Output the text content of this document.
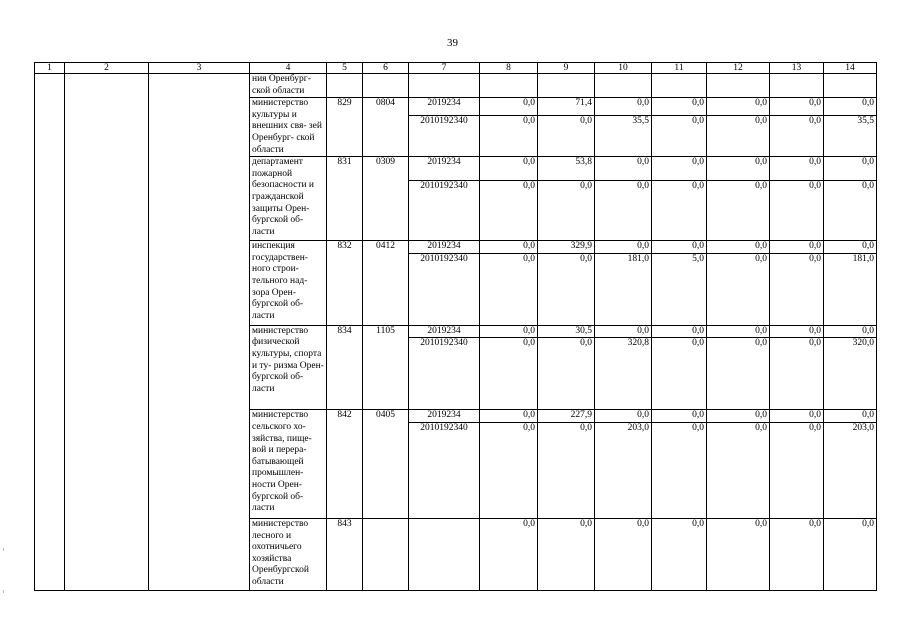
39
1	2	3	4	5	6	7	8	9	10	11	12	13	14
			ния Оренбург- ской области										
			министерство культуры и внешних свя- зей Оренбург- ской области	829	0804	2019234	0,0	71,4	0,0	0,0	0,0	0,0	0,0
						2010192340	0,0	0,0	35,5	0,0	0,0	0,0	35,5
			департамент пожарной безопасности и гражданской защиты Орен- бургской об- ласти	831	0309	2019234	0,0	53,8	0,0	0,0	0,0	0,0	0,0
						2010192340	0,0	0,0	0,0	0,0	0,0	0,0	0,0
			инспекция государствен- ного строи- тельного над- зора Орен- бургской об- ласти	832	0412	2019234	0,0	329,9	0,0	0,0	0,0	0,0	0,0
						2010192340	0,0	0,0	181,0	5,0	0,0	0,0	181,0
			министерство физической культуры, спорта и ту- ризма Орен- бургской об- ласти	834	1105	2019234	0,0	30,5	0,0	0,0	0,0	0,0	0,0
						2010192340	0,0	0,0	320,8	0,0	0,0	0,0	320,0
			министерство сельского хо- зяйства, пище- вой и перера- батывающей промышлен- ности Орен- бургской об- ласти	842	0405	2019234	0,0	227,9	0,0	0,0	0,0	0,0	0,0
						2010192340	0,0	0,0	203,0	0,0	0,0	0,0	203,0
			министерство лесного и охотничьего хозяйства Оренбургской области	843			0,0	0,0	0,0	0,0	0,0	0,0	0,0
